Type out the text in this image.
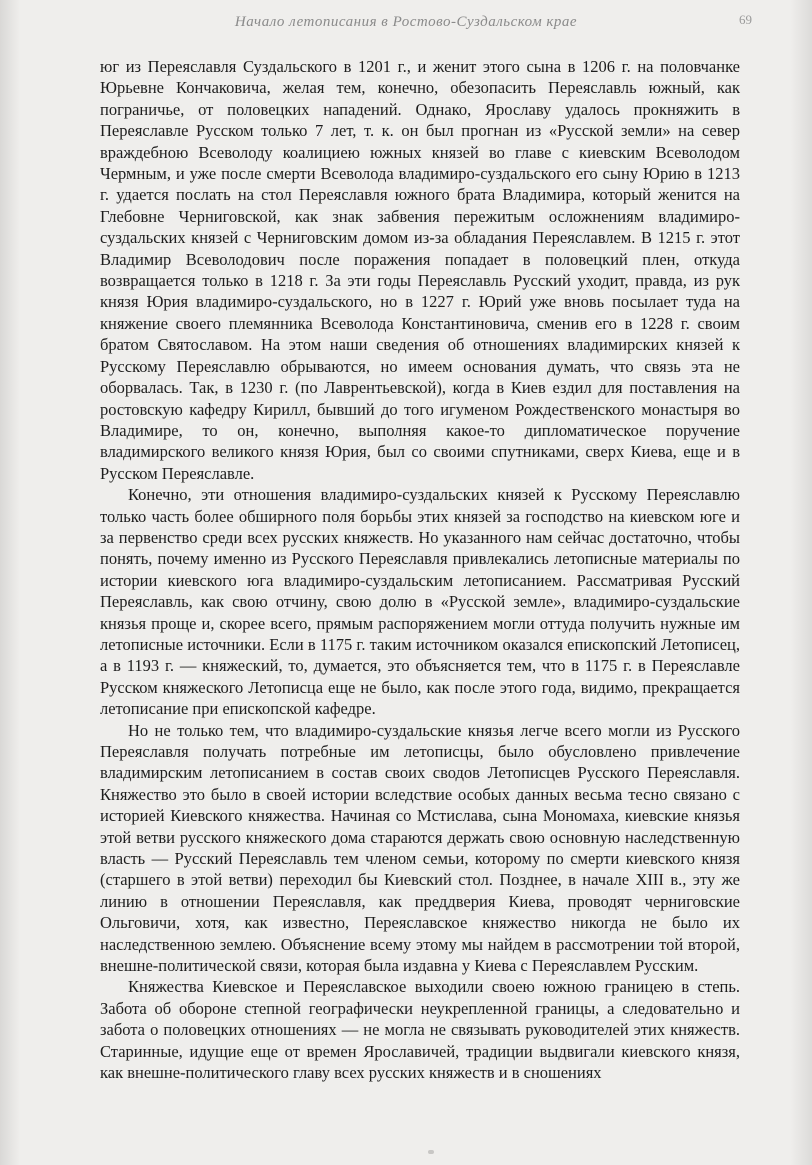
Начало летописания в Ростово-Суздальском крае	69

юг из Переяславля Суздальского в 1201 г., и женит этого сына в 1206 г. на половчанке Юрьевне Кончаковича, желая тем, конечно, обезопасить Переяславль южный, как пограничье, от половецких нападений. Однако, Ярославу удалось прокняжить в Переяславле Русском только 7 лет, т. к. он был прогнан из «Русской земли» на север враждебною Всеволоду коалициею южных князей во главе с киевским Всеволодом Чермным, и уже после смерти Всеволода владимиро-суздальского его сыну Юрию в 1213 г. удается послать на стол Переяславля южного брата Владимира, который женится на Глебовне Черниговской, как знак забвения пережитым осложнениям владимиро-суздальских князей с Черниговским домом из-за обладания Переяславлем. В 1215 г. этот Владимир Всеволодович после поражения попадает в половецкий плен, откуда возвращается только в 1218 г. За эти годы Переяславль Русский уходит, правда, из рук князя Юрия владимиро-суздальского, но в 1227 г. Юрий уже вновь посылает туда на княжение своего племянника Всеволода Константиновича, сменив его в 1228 г. своим братом Святославом. На этом наши сведения об отношениях владимирских князей к Русскому Переяславлю обрываются, но имеем основания думать, что связь эта не оборвалась. Так, в 1230 г. (по Лаврентьевской), когда в Киев ездил для поставления на ростовскую кафедру Кирилл, бывший до того игуменом Рождественского монастыря во Владимире, то он, конечно, выполняя какое-то дипломатическое поручение владимирского великого князя Юрия, был со своими спутниками, сверх Киева, еще и в Русском Переяславле.

Конечно, эти отношения владимиро-суздальских князей к Русскому Переяславлю только часть более обширного поля борьбы этих князей за господство на киевском юге и за первенство среди всех русских княжеств. Но указанного нам сейчас достаточно, чтобы понять, почему именно из Русского Переяславля привлекались летописные материалы по истории киевского юга владимиро-суздальским летописанием. Рассматривая Русский Переяславль, как свою отчину, свою долю в «Русской земле», владимиро-суздальские князья проще и, скорее всего, прямым распоряжением могли оттуда получить нужные им летописные источники. Если в 1175 г. таким источником оказался епископский Летописец, а в 1193 г. — княжеский, то, думается, это объясняется тем, что в 1175 г. в Переяславле Русском княжеского Летописца еще не было, как после этого года, видимо, прекращается летописание при епископской кафедре.

Но не только тем, что владимиро-суздальские князья легче всего могли из Русского Переяславля получать потребные им летописцы, было обусловлено привлечение владимирским летописанием в состав своих сводов Летописцев Русского Переяславля. Княжество это было в своей истории вследствие особых данных весьма тесно связано с историей Киевского княжества. Начиная со Мстислава, сына Мономаха, киевские князья этой ветви русского княжеского дома стараются держать свою основную наследственную власть — Русский Переяславль тем членом семьи, которому по смерти киевского князя (старшего в этой ветви) переходил бы Киевский стол. Позднее, в начале XIII в., эту же линию в отношении Переяславля, как преддверия Киева, проводят черниговские Ольговичи, хотя, как известно, Переяславское княжество никогда не было их наследственною землею. Объяснение всему этому мы найдем в рассмотрении той второй, внешне-политической связи, которая была издавна у Киева с Переяславлем Русским.

Княжества Киевское и Переяславское выходили своею южною границею в степь. Забота об обороне степной географически неукрепленной границы, а следовательно и забота о половецких отношениях — не могла не связывать руководителей этих княжеств. Старинные, идущие еще от времен Ярославичей, традиции выдвигали киевского князя, как внешне-политического главу всех русских княжеств и в сношениях
